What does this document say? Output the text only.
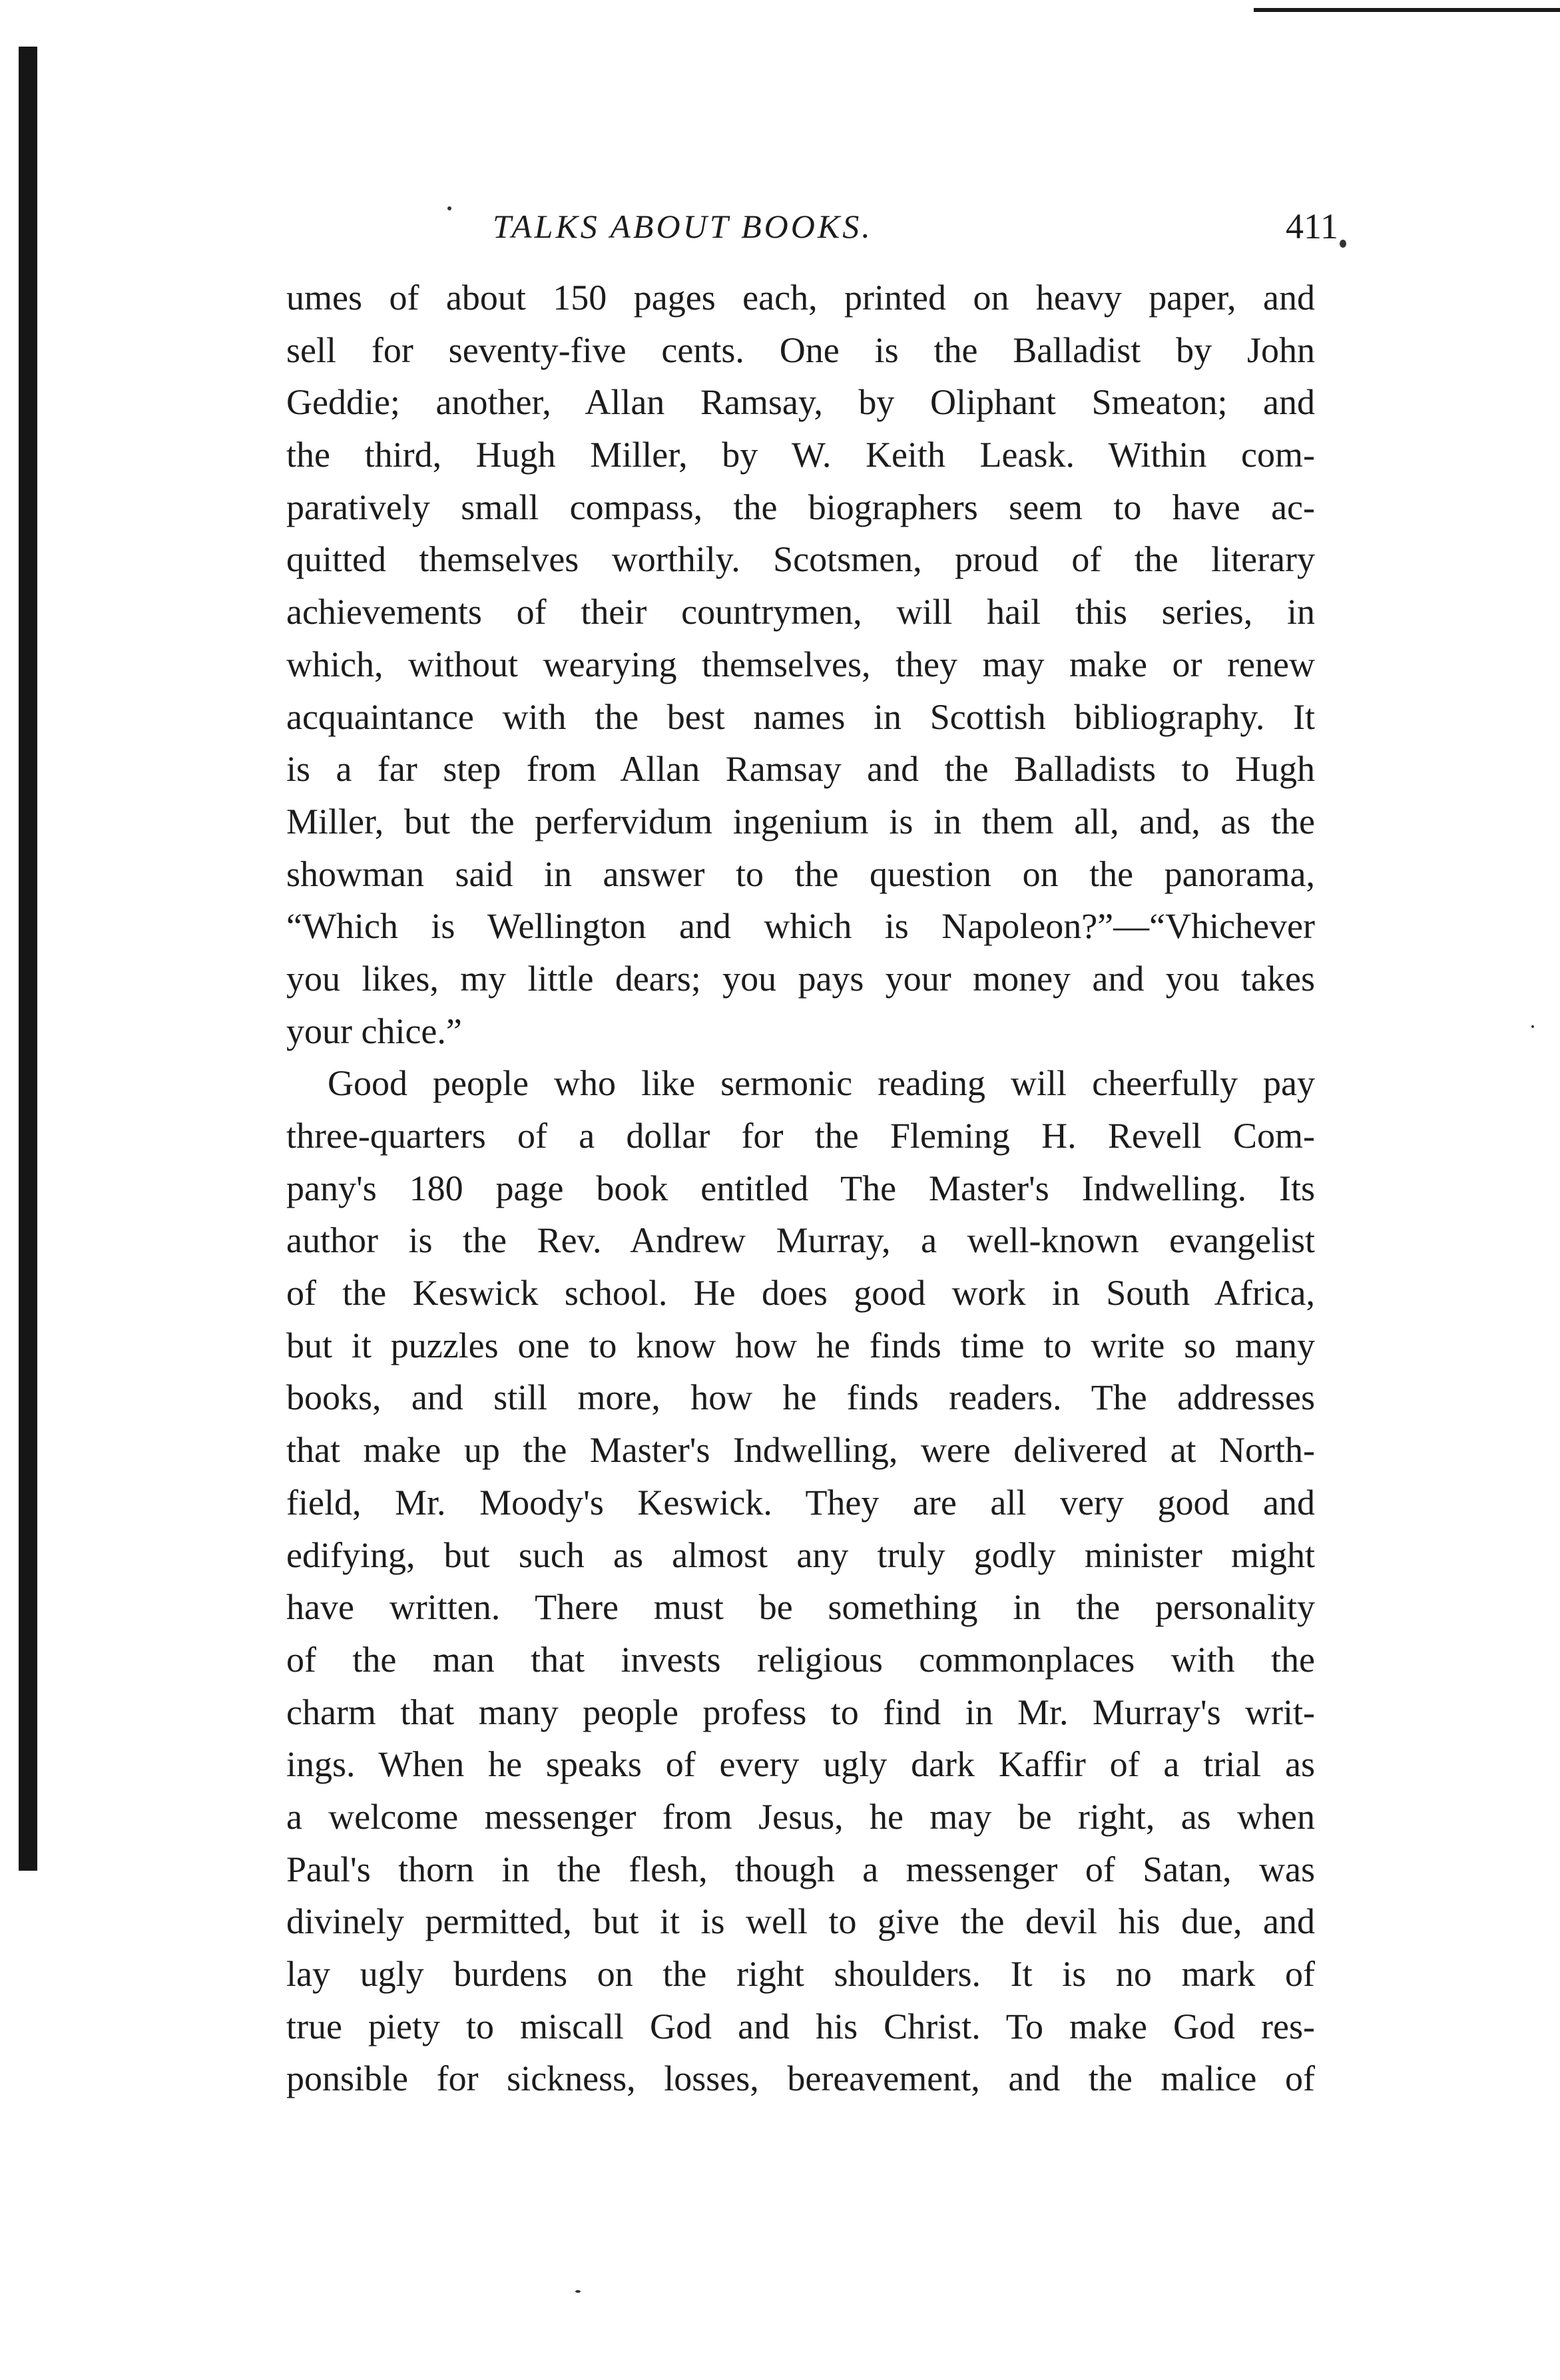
TALKS ABOUT BOOKS.	411
umes of about 150 pages each, printed on heavy paper, and
sell for seventy-five cents. One is the Balladist by John
Geddie; another, Allan Ramsay, by Oliphant Smeaton; and
the third, Hugh Miller, by W. Keith Leask. Within com-
paratively small compass, the biographers seem to have ac-
quitted themselves worthily. Scotsmen, proud of the literary
achievements of their countrymen, will hail this series, in
which, without wearying themselves, they may make or renew
acquaintance with the best names in Scottish bibliography. It
is a far step from Allan Ramsay and the Balladists to Hugh
Miller, but the perfervidum ingenium is in them all, and, as the
showman said in answer to the question on the panorama,
“Which is Wellington and which is Napoleon?”—“Vhichever
you likes, my little dears; you pays your money and you takes
your chice.”
Good people who like sermonic reading will cheerfully pay
three-quarters of a dollar for the Fleming H. Revell Com-
pany's 180 page book entitled The Master's Indwelling. Its
author is the Rev. Andrew Murray, a well-known evangelist
of the Keswick school. He does good work in South Africa,
but it puzzles one to know how he finds time to write so many
books, and still more, how he finds readers. The addresses
that make up the Master's Indwelling, were delivered at North-
field, Mr. Moody's Keswick. They are all very good and
edifying, but such as almost any truly godly minister might
have written. There must be something in the personality
of the man that invests religious commonplaces with the
charm that many people profess to find in Mr. Murray's writ-
ings. When he speaks of every ugly dark Kaffir of a trial as
a welcome messenger from Jesus, he may be right, as when
Paul's thorn in the flesh, though a messenger of Satan, was
divinely permitted, but it is well to give the devil his due, and
lay ugly burdens on the right shoulders. It is no mark of
true piety to miscall God and his Christ. To make God res-
ponsible for sickness, losses, bereavement, and the malice of
